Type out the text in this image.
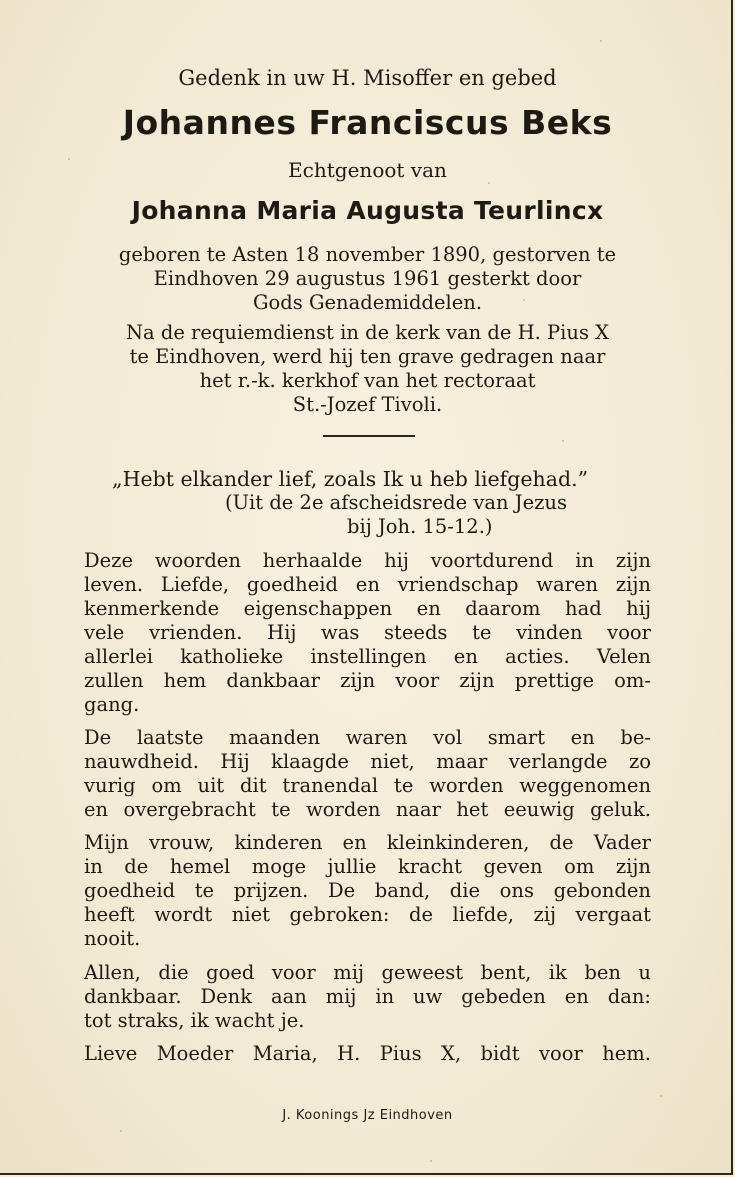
Gedenk in uw H. Misoffer en gebed
Johannes Franciscus Beks
Echtgenoot van
Johanna Maria Augusta Teurlincx
geboren te Asten 18 november 1890, gestorven te
Eindhoven 29 augustus 1961 gesterkt door
Gods Genademiddelen.
Na de requiemdienst in de kerk van de H. Pius X
te Eindhoven, werd hij ten grave gedragen naar
het r.-k. kerkhof van het rectoraat
St.-Jozef Tivoli.
„Hebt elkander lief, zoals Ik u heb liefgehad.”
(Uit de 2e afscheidsrede van Jezus
bij Joh. 15-12.)
Deze woorden herhaalde hij voortdurend in zijn
leven. Liefde, goedheid en vriendschap waren zijn
kenmerkende eigenschappen en daarom had hij
vele vrienden. Hij was steeds te vinden voor
allerlei katholieke instellingen en acties. Velen
zullen hem dankbaar zijn voor zijn prettige om-
gang.
De laatste maanden waren vol smart en be-
nauwdheid. Hij klaagde niet, maar verlangde zo
vurig om uit dit tranendal te worden weggenomen
en overgebracht te worden naar het eeuwig geluk.
Mijn vrouw, kinderen en kleinkinderen, de Vader
in de hemel moge jullie kracht geven om zijn
goedheid te prijzen. De band, die ons gebonden
heeft wordt niet gebroken: de liefde, zij vergaat
nooit.
Allen, die goed voor mij geweest bent, ik ben u
dankbaar. Denk aan mij in uw gebeden en dan:
tot straks, ik wacht je.
Lieve Moeder Maria, H. Pius X, bidt voor hem.
J. Koonings Jz Eindhoven
